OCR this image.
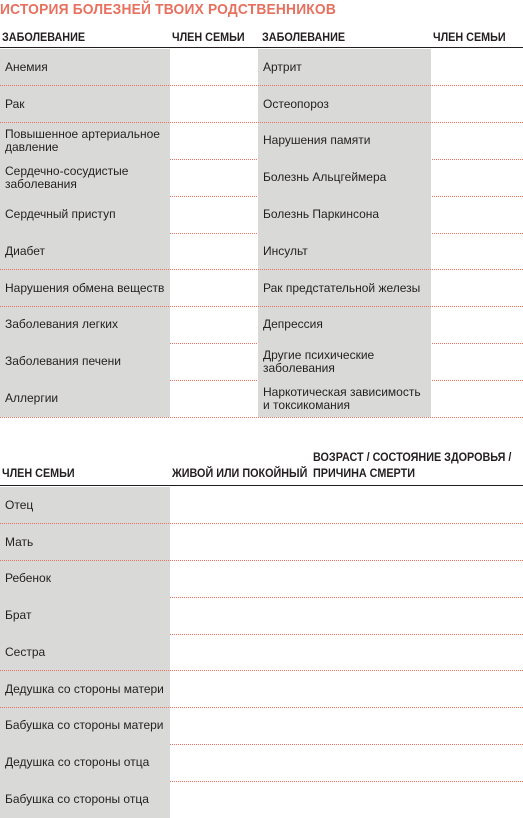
ИСТОРИЯ БОЛЕЗНЕЙ ТВОИХ РОДСТВЕННИКОВ
ЗАБОЛЕВАНИЕ	ЧЛЕН СЕМЬИ ЗАБОЛЕВАНИЕ	ЧЛЕН СЕМЬИ
Анемия	Артрит
Рак	Остеопороз
Повышенное артериальное давление	Нарушения памяти
Сердечно-сосудистые заболевания	Болезнь Альцгеймера
Сердечный приступ	Болезнь Паркинсона
Диабет	Инсульт
Нарушения обмена веществ	Рак предстательной железы
Заболевания легких	Депрессия
Заболевания печени	Другие психические заболевания
Аллергии	Наркотическая зависимость и токсикомания
ЧЛЕН СЕМЬИ	ЖИВОЙ ИЛИ ПОКОЙНЫЙ
ВОЗРАСТ / СОСТОЯНИЕ ЗДОРОВЬЯ /
ПРИЧИНА СМЕРТИ
Отец
Мать
Ребенок
Брат
Сестра
Дедушка со стороны матери
Бабушка со стороны матери
Дедушка со стороны отца
Бабушка со стороны отца
